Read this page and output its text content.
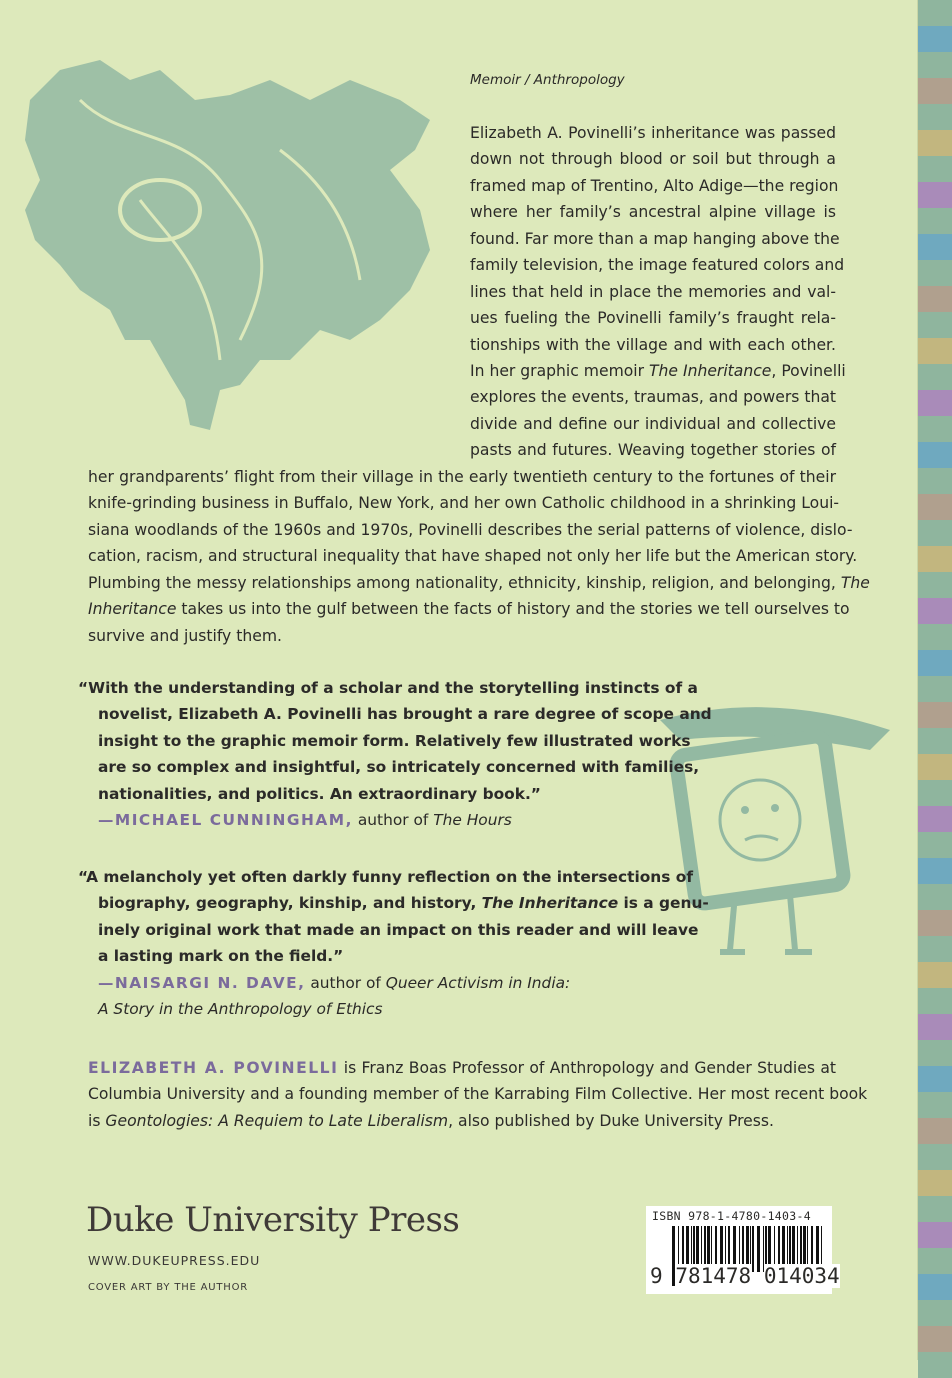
Memoir / Anthropology
Elizabeth A. Povinelli’s inheritance was passed
down not through blood or soil but through a
framed map of Trentino, Alto Adige—the region
where her family’s ancestral alpine village is
found. Far more than a map hanging above the
family television, the image featured colors and
lines that held in place the memories and val-
ues fueling the Povinelli family’s fraught rela-
tionships with the village and with each other.
In her graphic memoir The Inheritance, Povinelli
explores the events, traumas, and powers that
divide and define our individual and collective
pasts and futures. Weaving together stories of
her grandparents’ flight from their village in the early twentieth century to the fortunes of their
knife-grinding business in Buffalo, New York, and her own Catholic childhood in a shrinking Loui-
siana woodlands of the 1960s and 1970s, Povinelli describes the serial patterns of violence, dislo-
cation, racism, and structural inequality that have shaped not only her life but the American story.
Plumbing the messy relationships among nationality, ethnicity, kinship, religion, and belonging, The
Inheritance takes us into the gulf between the facts of history and the stories we tell ourselves to
survive and justify them.
“With the understanding of a scholar and the storytelling instincts of a
novelist, Elizabeth A. Povinelli has brought a rare degree of scope and
insight to the graphic memoir form. Relatively few illustrated works
are so complex and insightful, so intricately concerned with families,
nationalities, and politics. An extraordinary book.”
—MICHAEL CUNNINGHAM, author of The Hours
“A melancholy yet often darkly funny reflection on the intersections of
biography, geography, kinship, and history, The Inheritance is a genu-
inely original work that made an impact on this reader and will leave
a lasting mark on the field.”
—NAISARGI N. DAVE, author of Queer Activism in India:
A Story in the Anthropology of Ethics
ELIZABETH A. POVINELLI is Franz Boas Professor of Anthropology and Gender Studies at
Columbia University and a founding member of the Karrabing Film Collective. Her most recent book
is Geontologies: A Requiem to Late Liberalism, also published by Duke University Press.
Duke University Press
WWW.DUKEUPRESS.EDU
COVER ART BY THE AUTHOR
ISBN 978-1-4780-1403-4
9 781478 014034
